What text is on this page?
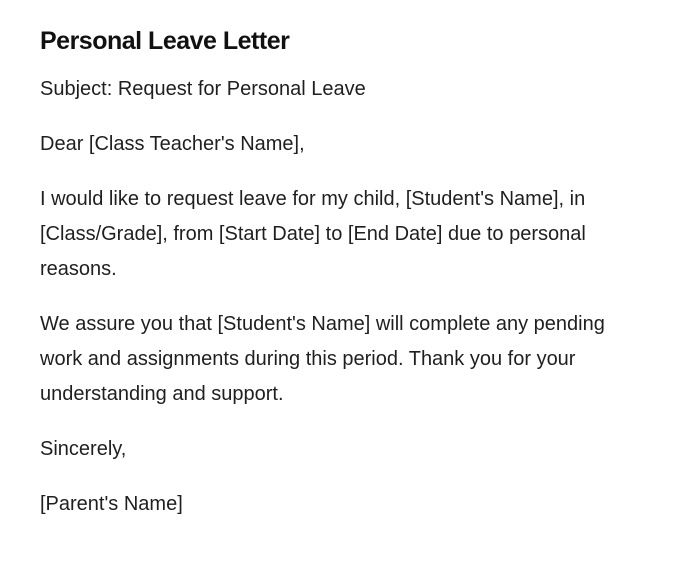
Personal Leave Letter

Subject: Request for Personal Leave

Dear [Class Teacher's Name],

I would like to request leave for my child, [Student's Name], in [Class/Grade], from [Start Date] to [End Date] due to personal reasons.

We assure you that [Student's Name] will complete any pending work and assignments during this period. Thank you for your understanding and support.

Sincerely,

[Parent's Name]
